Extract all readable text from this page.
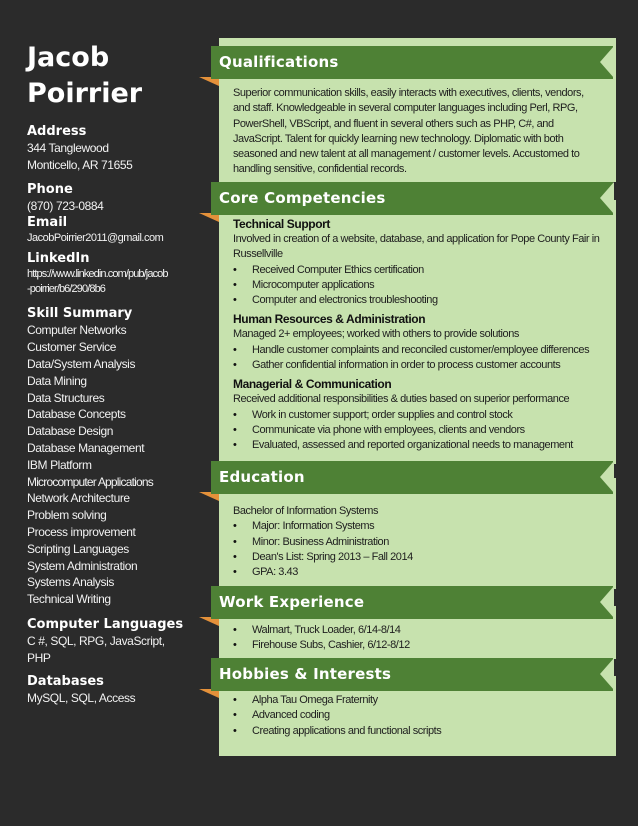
Jacob
Poirrier
Address
344 Tanglewood
Monticello, AR 71655
Phone
(870) 723-0884
Email
JacobPoirrier2011@gmail.com
LinkedIn
https://www.linkedin.com/pub/jacob
-poirrier/b6/290/8b6
Skill Summary
Computer Networks
Customer Service
Data/System Analysis
Data Mining
Data Structures
Database Concepts
Database Design
Database Management
IBM Platform
Microcomputer Applications
Network Architecture
Problem solving
Process improvement
Scripting Languages
System Administration
Systems Analysis
Technical Writing
Computer Languages
C #, SQL, RPG, JavaScript,
PHP
Databases
MySQL, SQL, Access
Qualifications
Core Competencies
Education
Work Experience
Hobbies & Interests
Superior communication skills, easily interacts with executives, clients, vendors,
and staff. Knowledgeable in several computer languages including Perl, RPG,
PowerShell, VBScript, and fluent in several others such as PHP, C#, and
JavaScript. Talent for quickly learning new technology. Diplomatic with both
seasoned and new talent at all management / customer levels. Accustomed to
handling sensitive, confidential records.
Technical Support
Involved in creation of a website, database, and application for Pope County Fair in
Russellville
• Received Computer Ethics certification
• Microcomputer applications
• Computer and electronics troubleshooting
Human Resources & Administration
Managed 2+ employees; worked with others to provide solutions
• Handle customer complaints and reconciled customer/employee differences
• Gather confidential information in order to process customer accounts
Managerial & Communication
Received additional responsibilities & duties based on superior performance
• Work in customer support; order supplies and control stock
• Communicate via phone with employees, clients and vendors
• Evaluated, assessed and reported organizational needs to management
Bachelor of Information Systems
• Major: Information Systems
• Minor: Business Administration
• Dean's List: Spring 2013 – Fall 2014
• GPA: 3.43
• Walmart, Truck Loader, 6/14-8/14
• Firehouse Subs, Cashier, 6/12-8/12
• Alpha Tau Omega Fraternity
• Advanced coding
• Creating applications and functional scripts
